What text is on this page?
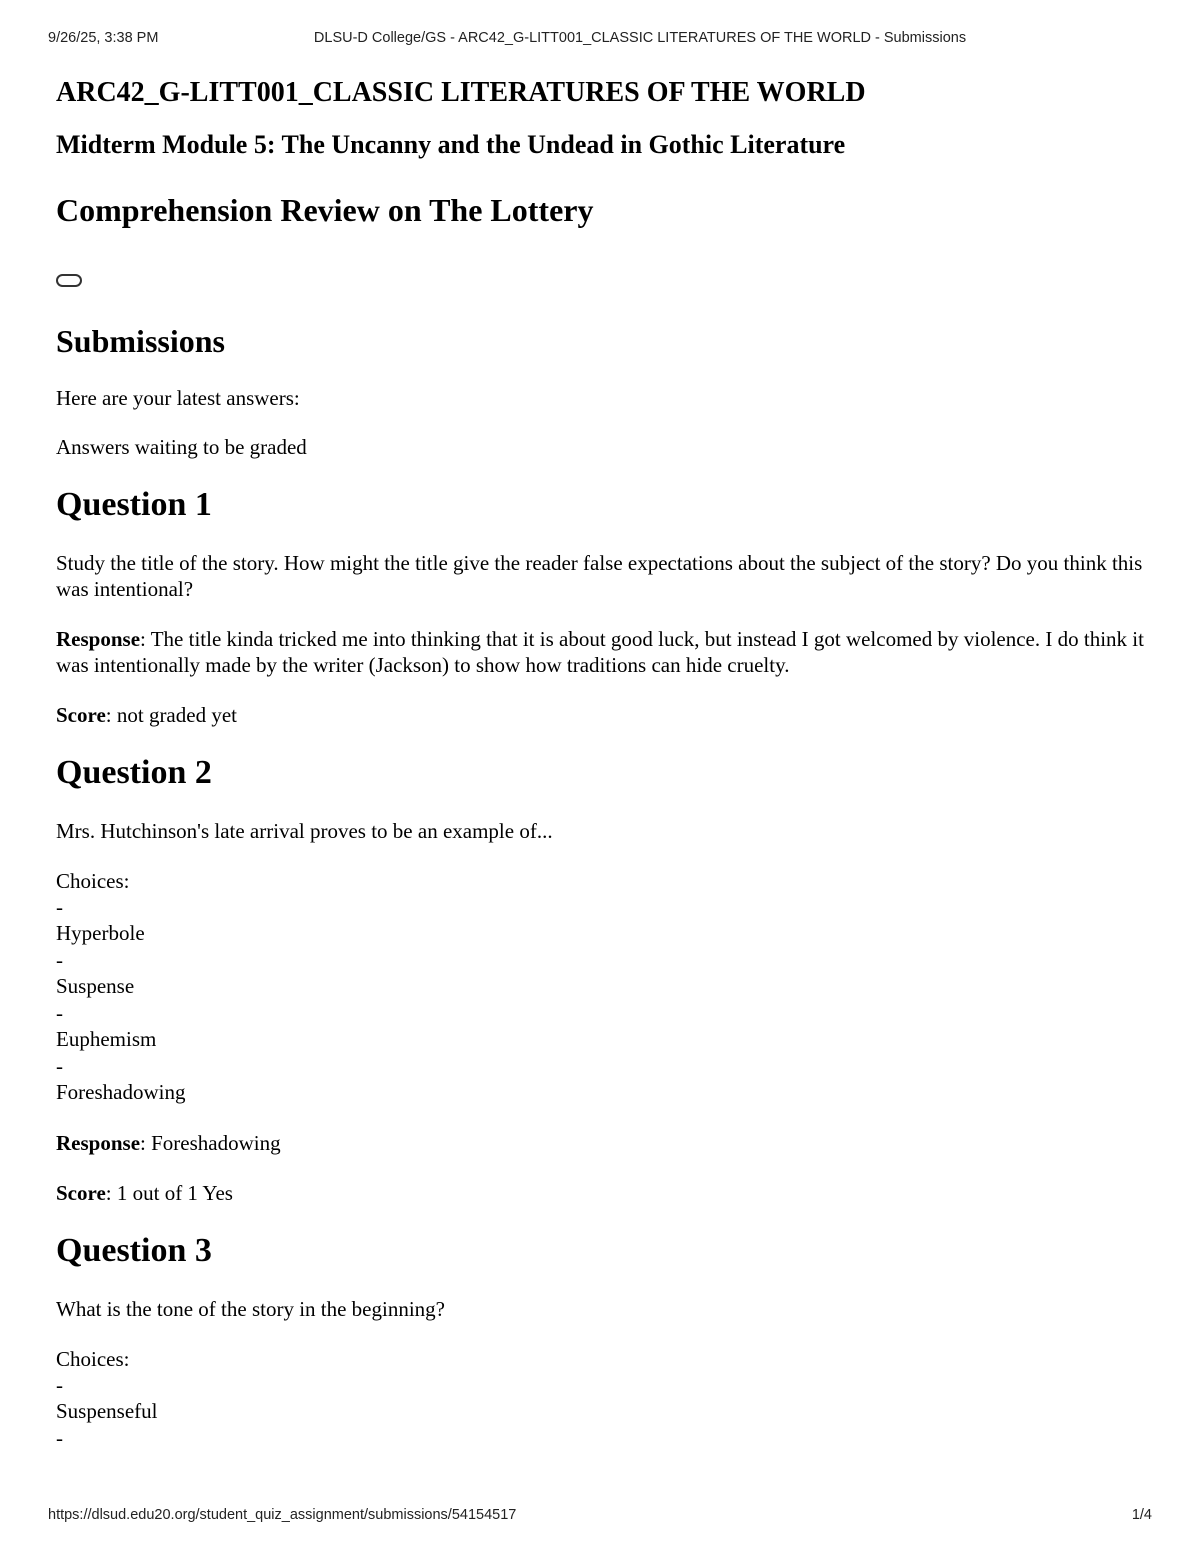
9/26/25, 3:38 PM	DLSU-D College/GS - ARC42_G-LITT001_CLASSIC LITERATURES OF THE WORLD - Submissions
ARC42_G-LITT001_CLASSIC LITERATURES OF THE WORLD
Midterm Module 5: The Uncanny and the Undead in Gothic Literature
Comprehension Review on The Lottery
Submissions

Here are your latest answers:

Answers waiting to be graded

Question 1

Study the title of the story. How might the title give the reader false expectations about the subject of the story? Do you think this was intentional?

Response: The title kinda tricked me into thinking that it is about good luck, but instead I got welcomed by violence. I do think it was intentionally made by the writer (Jackson) to show how traditions can hide cruelty.

Score: not graded yet

Question 2

Mrs. Hutchinson's late arrival proves to be an example of...

Choices:

-
Hyperbole
-
Suspense
-
Euphemism
-
Foreshadowing

Response: Foreshadowing

Score: 1 out of 1 Yes

Question 3

What is the tone of the story in the beginning?

Choices:

-
Suspenseful
-
https://dlsud.edu20.org/student_quiz_assignment/submissions/54154517	1/4
